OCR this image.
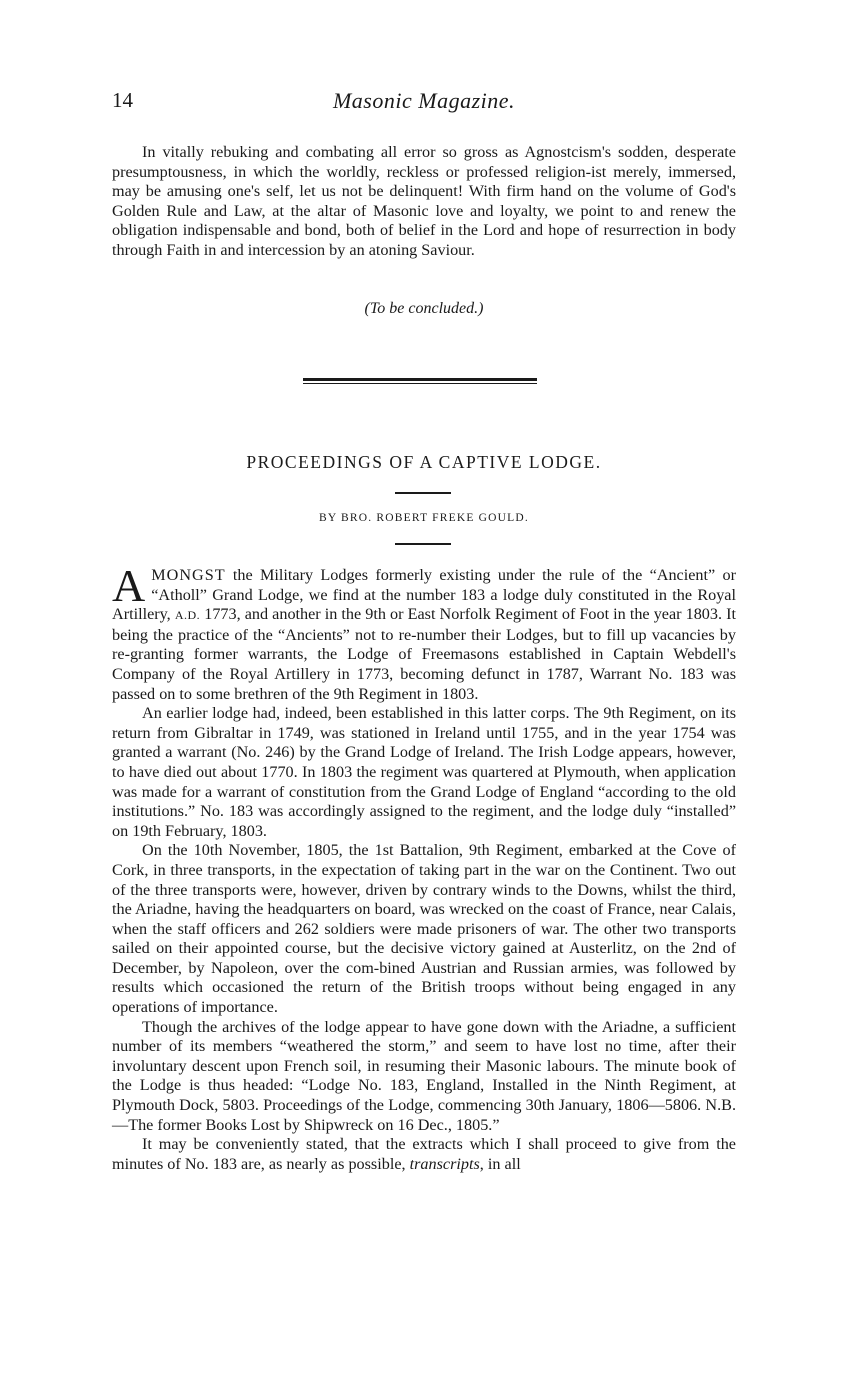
14	Masonic Magazine.

In vitally rebuking and combating all error so gross as Agnostcism's sodden, desperate presumptousness, in which the worldly, reckless or professed religion-ist merely, immersed, may be amusing one's self, let us not be delinquent! With firm hand on the volume of God's Golden Rule and Law, at the altar of Masonic love and loyalty, we point to and renew the obligation indispensable and bond, both of belief in the Lord and hope of resurrection in body through Faith in and intercession by an atoning Saviour.

(To be concluded.)
PROCEEDINGS OF A CAPTIVE LODGE.
BY BRO. ROBERT FREKE GOULD.

AMONGST the Military Lodges formerly existing under the rule of the “Ancient” or “Atholl” Grand Lodge, we find at the number 183 a lodge duly constituted in the Royal Artillery, A.D. 1773, and another in the 9th or East Norfolk Regiment of Foot in the year 1803. It being the practice of the “Ancients” not to re-number their Lodges, but to fill up vacancies by re-granting former warrants, the Lodge of Freemasons established in Captain Webdell's Company of the Royal Artillery in 1773, becoming defunct in 1787, Warrant No. 183 was passed on to some brethren of the 9th Regiment in 1803.

An earlier lodge had, indeed, been established in this latter corps. The 9th Regiment, on its return from Gibraltar in 1749, was stationed in Ireland until 1755, and in the year 1754 was granted a warrant (No. 246) by the Grand Lodge of Ireland. The Irish Lodge appears, however, to have died out about 1770. In 1803 the regiment was quartered at Plymouth, when application was made for a warrant of constitution from the Grand Lodge of England “according to the old institutions.” No. 183 was accordingly assigned to the regiment, and the lodge duly “installed” on 19th February, 1803.

On the 10th November, 1805, the 1st Battalion, 9th Regiment, embarked at the Cove of Cork, in three transports, in the expectation of taking part in the war on the Continent. Two out of the three transports were, however, driven by contrary winds to the Downs, whilst the third, the Ariadne, having the headquarters on board, was wrecked on the coast of France, near Calais, when the staff officers and 262 soldiers were made prisoners of war. The other two transports sailed on their appointed course, but the decisive victory gained at Austerlitz, on the 2nd of December, by Napoleon, over the com-bined Austrian and Russian armies, was followed by results which occasioned the return of the British troops without being engaged in any operations of importance.

Though the archives of the lodge appear to have gone down with the Ariadne, a sufficient number of its members “weathered the storm,” and seem to have lost no time, after their involuntary descent upon French soil, in resuming their Masonic labours. The minute book of the Lodge is thus headed: “Lodge No. 183, England, Installed in the Ninth Regiment, at Plymouth Dock, 5803. Proceedings of the Lodge, commencing 30th January, 1806—5806. N.B.—The former Books Lost by Shipwreck on 16 Dec., 1805.”

It may be conveniently stated, that the extracts which I shall proceed to give from the minutes of No. 183 are, as nearly as possible, transcripts, in all
